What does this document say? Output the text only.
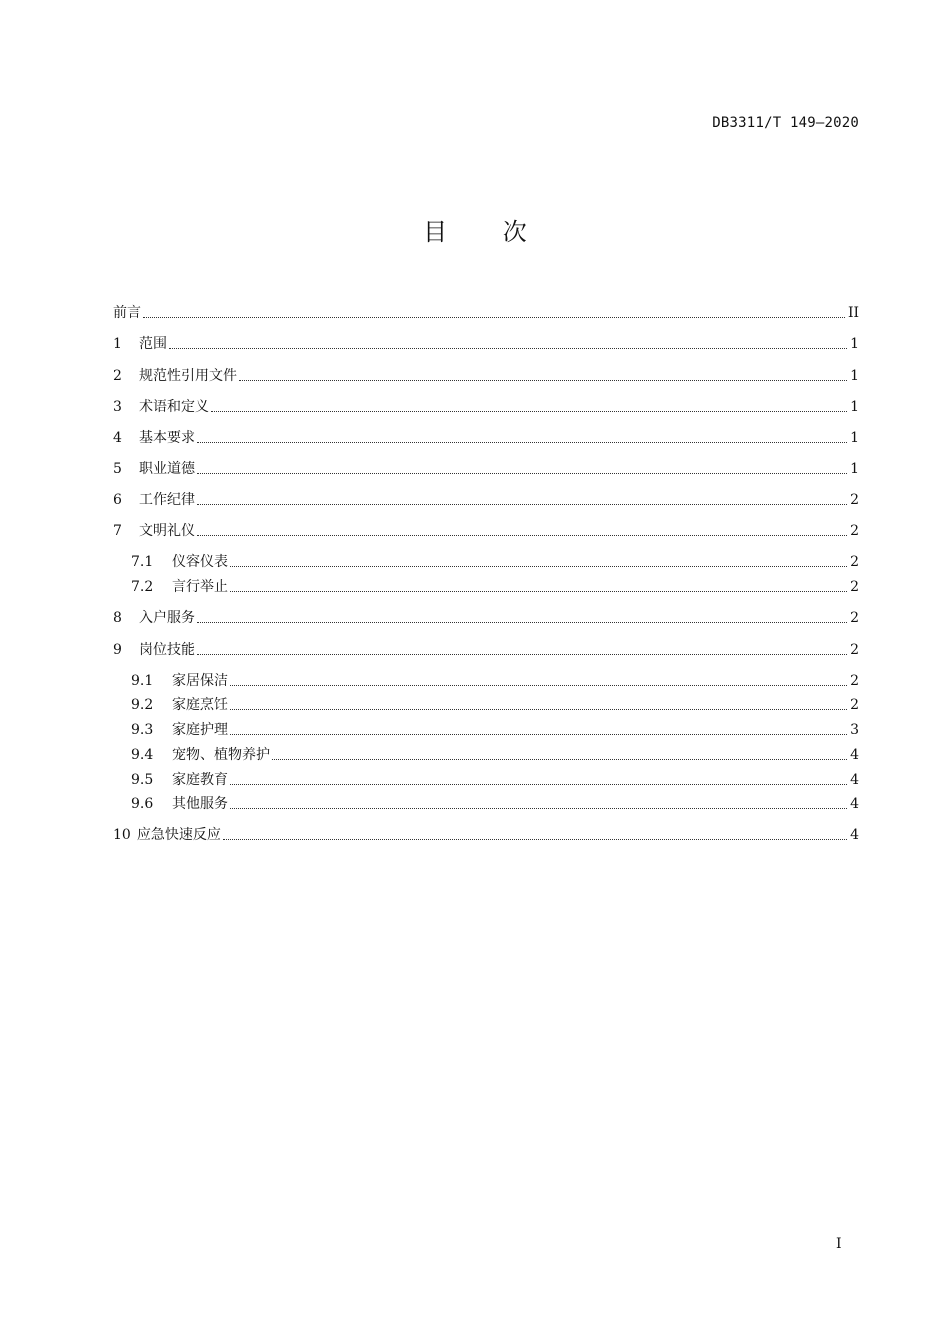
DB3311/T 149—2020
目 次
前言	II
1	范围	1
2	规范性引用文件	1
3	术语和定义	1
4	基本要求	1
5	职业道德	1
6	工作纪律	2
7	文明礼仪	2
7.1	仪容仪表	2
7.2	言行举止	2
8	入户服务	2
9	岗位技能	2
9.1	家居保洁	2
9.2	家庭烹饪	2
9.3	家庭护理	3
9.4	宠物、植物养护	4
9.5	家庭教育	4
9.6	其他服务	4
10 应急快速反应	4
I
